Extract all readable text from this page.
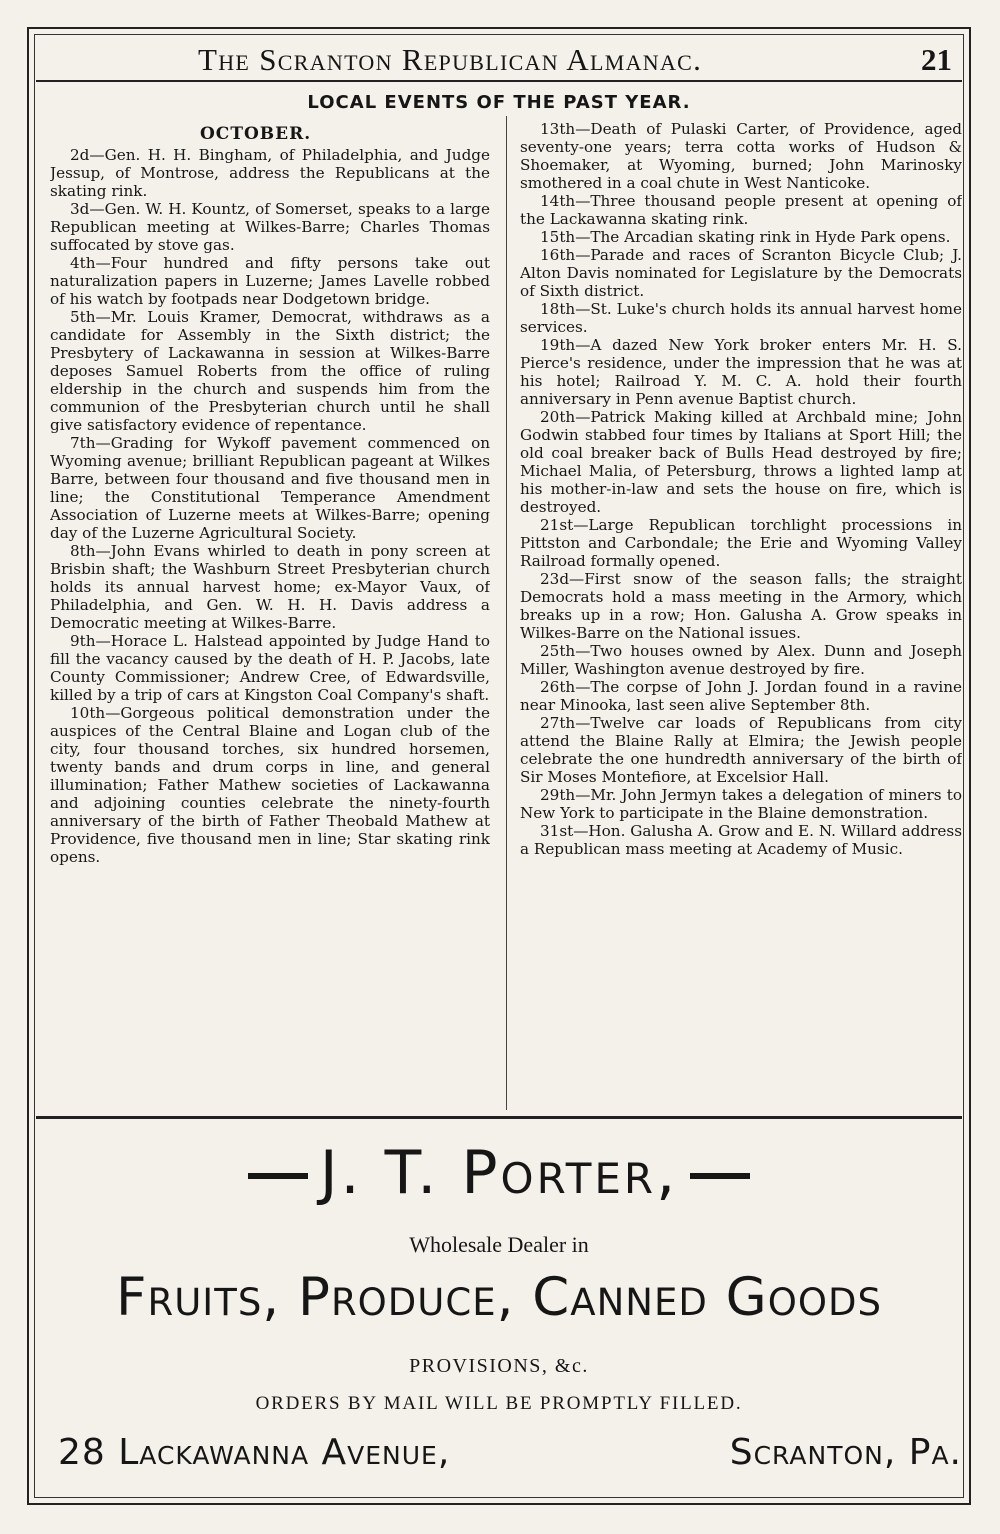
The Scranton Republican Almanac.	21
LOCAL EVENTS OF THE PAST YEAR.
OCTOBER.

2d—Gen. H. H. Bingham, of Philadelphia, and Judge Jessup, of Montrose, address the Republicans at the skating rink.

3d—Gen. W. H. Kountz, of Somerset, speaks to a large Republican meeting at Wilkes-Barre; Charles Thomas suffocated by stove gas.

4th—Four hundred and fifty persons take out naturalization papers in Luzerne; James Lavelle robbed of his watch by footpads near Dodgetown bridge.

5th—Mr. Louis Kramer, Democrat, withdraws as a candidate for Assembly in the Sixth district; the Presbytery of Lackawanna in session at Wilkes-Barre deposes Samuel Roberts from the office of ruling eldership in the church and suspends him from the communion of the Presbyterian church until he shall give satisfactory evidence of repentance.

7th—Grading for Wykoff pavement commenced on Wyoming avenue; brilliant Republican pageant at Wilkes Barre, between four thousand and five thousand men in line; the Constitutional Temperance Amendment Association of Luzerne meets at Wilkes-Barre; opening day of the Luzerne Agricultural Society.

8th—John Evans whirled to death in pony screen at Brisbin shaft; the Washburn Street Presbyterian church holds its annual harvest home; ex-Mayor Vaux, of Philadelphia, and Gen. W. H. H. Davis address a Democratic meeting at Wilkes-Barre.

9th—Horace L. Halstead appointed by Judge Hand to fill the vacancy caused by the death of H. P. Jacobs, late County Commissioner; Andrew Cree, of Edwardsville, killed by a trip of cars at Kingston Coal Company's shaft.

10th—Gorgeous political demonstration under the auspices of the Central Blaine and Logan club of the city, four thousand torches, six hundred horsemen, twenty bands and drum corps in line, and general illumination; Father Mathew societies of Lackawanna and adjoining counties celebrate the ninety-fourth anniversary of the birth of Father Theobald Mathew at Providence, five thousand men in line; Star skating rink opens.

13th—Death of Pulaski Carter, of Providence, aged seventy-one years; terra cotta works of Hudson & Shoemaker, at Wyoming, burned; John Marinosky smothered in a coal chute in West Nanticoke.

14th—Three thousand people present at opening of the Lackawanna skating rink.

15th—The Arcadian skating rink in Hyde Park opens.

16th—Parade and races of Scranton Bicycle Club; J. Alton Davis nominated for Legislature by the Democrats of Sixth district.

18th—St. Luke's church holds its annual harvest home services.

19th—A dazed New York broker enters Mr. H. S. Pierce's residence, under the impression that he was at his hotel; Railroad Y. M. C. A. hold their fourth anniversary in Penn avenue Baptist church.

20th—Patrick Making killed at Archbald mine; John Godwin stabbed four times by Italians at Sport Hill; the old coal breaker back of Bulls Head destroyed by fire; Michael Malia, of Petersburg, throws a lighted lamp at his mother-in-law and sets the house on fire, which is destroyed.

21st—Large Republican torchlight processions in Pittston and Carbondale; the Erie and Wyoming Valley Railroad formally opened.

23d—First snow of the season falls; the straight Democrats hold a mass meeting in the Armory, which breaks up in a row; Hon. Galusha A. Grow speaks in Wilkes-Barre on the National issues.

25th—Two houses owned by Alex. Dunn and Joseph Miller, Washington avenue destroyed by fire.

26th—The corpse of John J. Jordan found in a ravine near Minooka, last seen alive September 8th.

27th—Twelve car loads of Republicans from city attend the Blaine Rally at Elmira; the Jewish people celebrate the one hundredth anniversary of the birth of Sir Moses Montefiore, at Excelsior Hall.

29th—Mr. John Jermyn takes a delegation of miners to New York to participate in the Blaine demonstration.

31st—Hon. Galusha A. Grow and E. N. Willard address a Republican mass meeting at Academy of Music.

J. T. Porter,
Wholesale Dealer in
Fruits, Produce, Canned Goods
PROVISIONS, &c.
ORDERS BY MAIL WILL BE PROMPTLY FILLED.
28 Lackawanna Avenue,	Scranton, Pa.
